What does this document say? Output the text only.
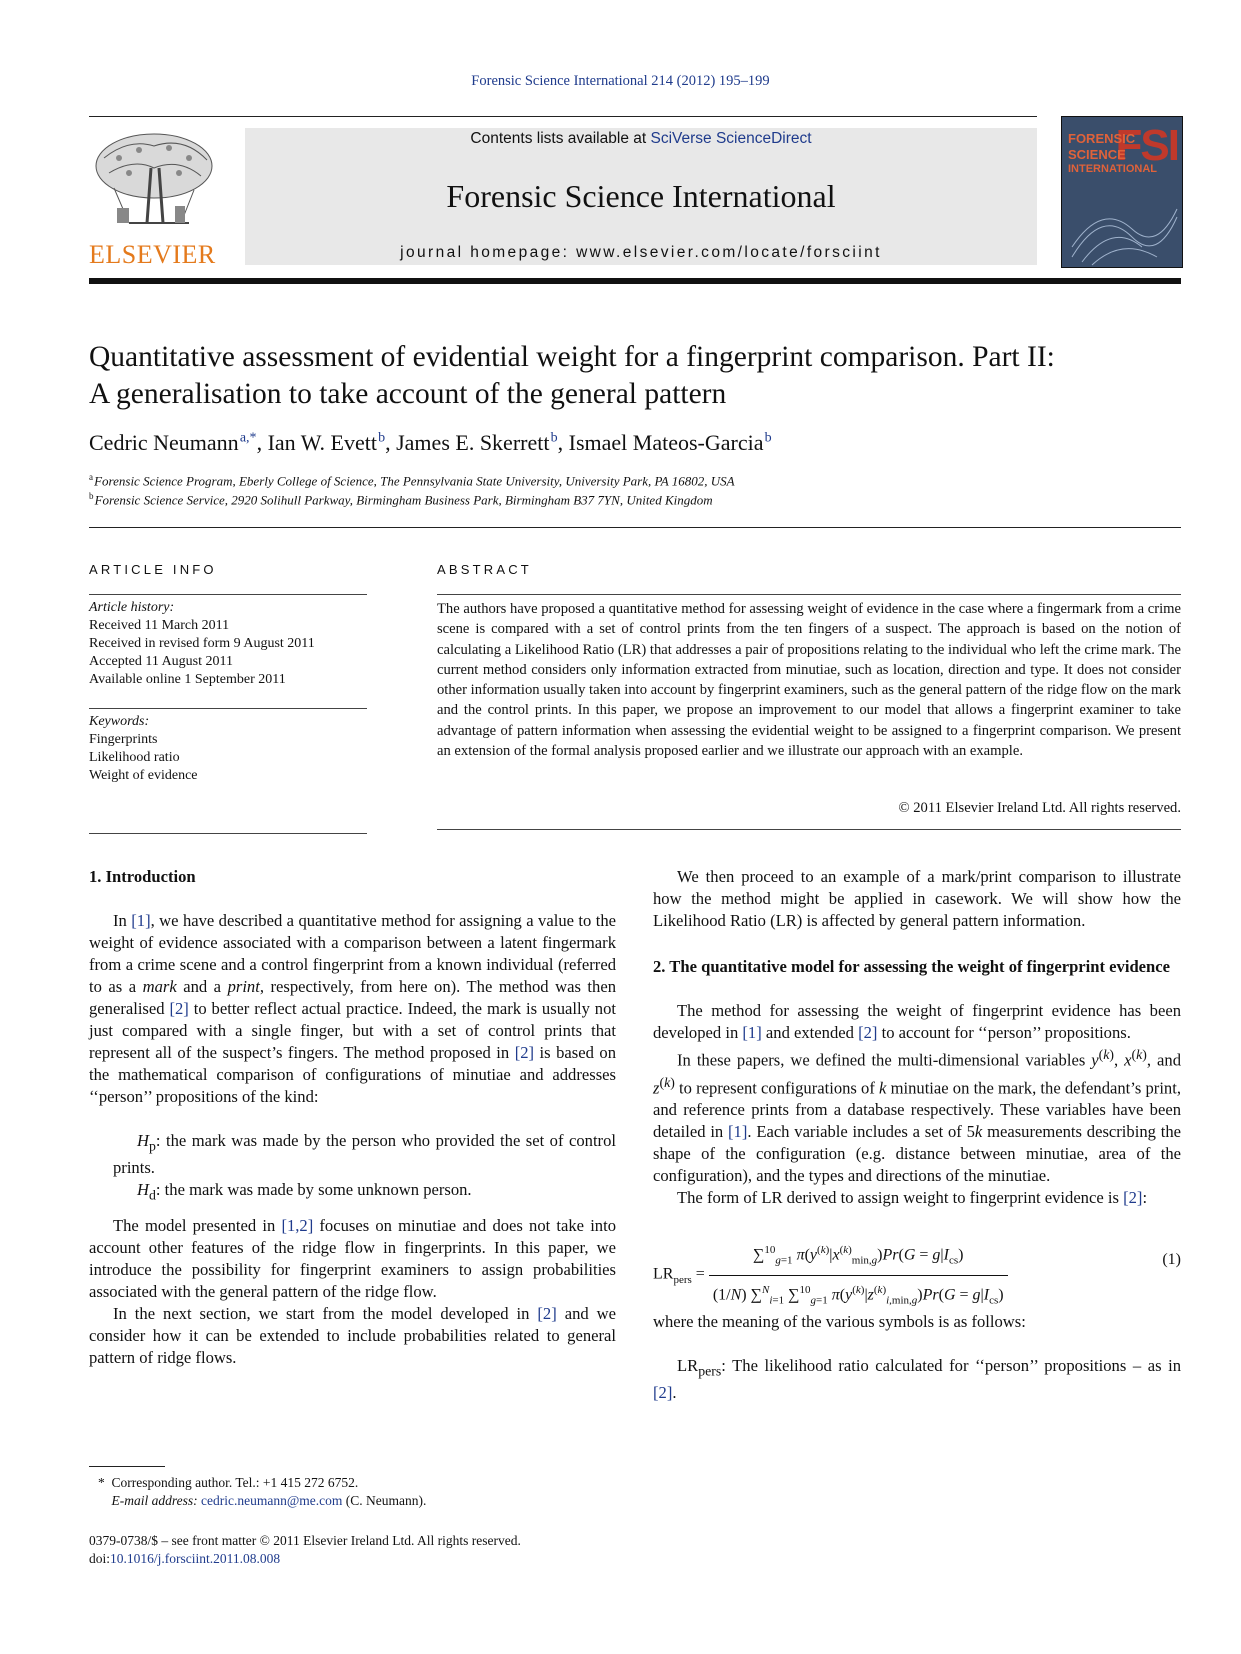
Forensic Science International 214 (2012) 195–199
ELSEVIER
Contents lists available at SciVerse ScienceDirect
Forensic Science International
journal homepage: www.elsevier.com/locate/forsciint
FSI
FORENSIC
SCIENCE
INTERNATIONAL
Quantitative assessment of evidential weight for a fingerprint comparison. Part II:
A generalisation to take account of the general pattern
Cedric Neumann $^{a,*}$, Ian W. Evett $^b$, James E. Skerrett $^b$, Ismael Mateos-Garcia $^b$
$^a$ Forensic Science Program, Eberly College of Science, The Pennsylvania State University, University Park, PA 16802, USA
$^b$ Forensic Science Service, 2920 Solihull Parkway, Birmingham Business Park, Birmingham B37 7YN, United Kingdom
ARTICLE INFO
Article history:
Received 11 March 2011
Received in revised form 9 August 2011
Accepted 11 August 2011
Available online 1 September 2011
Keywords:
Fingerprints
Likelihood ratio
Weight of evidence
ABSTRACT
The authors have proposed a quantitative method for assessing weight of evidence in the case where a fingermark from a crime scene is compared with a set of control prints from the ten fingers of a suspect. The approach is based on the notion of calculating a Likelihood Ratio (LR) that addresses a pair of propositions relating to the individual who left the crime mark. The current method considers only information extracted from minutiae, such as location, direction and type. It does not consider other information usually taken into account by fingerprint examiners, such as the general pattern of the ridge flow on the mark and the control prints. In this paper, we propose an improvement to our model that allows a fingerprint examiner to take advantage of pattern information when assessing the evidential weight to be assigned to a fingerprint comparison. We present an extension of the formal analysis proposed earlier and we illustrate our approach with an example.
© 2011 Elsevier Ireland Ltd. All rights reserved.
1. Introduction

In [1], we have described a quantitative method for assigning a value to the weight of evidence associated with a comparison between a latent fingermark from a crime scene and a control fingerprint from a known individual (referred to as a mark and a print, respectively, from here on). The method was then generalised [2] to better reflect actual practice. Indeed, the mark is usually not just compared with a single finger, but with a set of control prints that represent all of the suspect’s fingers. The method proposed in [2] is based on the mathematical comparison of configurations of minutiae and addresses ‘‘person’’ propositions of the kind:

$H_p$: the mark was made by the person who provided the set of control prints.

$H_d$: the mark was made by some unknown person.

The model presented in [1,2] focuses on minutiae and does not take into account other features of the ridge flow in fingerprints. In this paper, we introduce the possibility for fingerprint examiners to assign probabilities associated with the general pattern of the ridge flow.

In the next section, we start from the model developed in [2] and we consider how it can be extended to include probabilities related to general pattern of ridge flows.

* Corresponding author. Tel.: +1 415 272 6752.
E-mail address: cedric.neumann@me.com (C. Neumann).
0379-0738/$ – see front matter © 2011 Elsevier Ireland Ltd. All rights reserved.
doi:10.1016/j.forsciint.2011.08.008

We then proceed to an example of a mark/print comparison to illustrate how the method might be applied in casework. We will show how the Likelihood Ratio (LR) is affected by general pattern information.

2. The quantitative model for assessing the weight of fingerprint evidence

The method for assessing the weight of fingerprint evidence has been developed in [1] and extended [2] to account for ‘‘person’’ propositions.

In these papers, we defined the multi-dimensional variables $y^{(k)}$, $x^{(k)}$, and $z^{(k)}$ to represent configurations of k minutiae on the mark, the defendant’s print, and reference prints from a database respectively. These variables have been detailed in [1]. Each variable includes a set of 5k measurements describing the shape of the configuration (e.g. distance between minutiae, area of the configuration), and the types and directions of the minutiae.

The form of LR derived to assign weight to fingerprint evidence is [2]:

$LR_{pers} = \frac{\sum^{10}_{g=1} \pi(y^{(k)}|x^{(k)}_{min,g})Pr(G = g|I_{cs})}{(1/N) \sum^N_{i=1} \sum^{10}_{g=1} \pi(y^{(k)}|z^{(k)}_{i,min,g})Pr(G = g|I_{cs})}$	(1)

where the meaning of the various symbols is as follows:

$LR_{pers}$: The likelihood ratio calculated for ‘‘person’’ propositions – as in [2].
